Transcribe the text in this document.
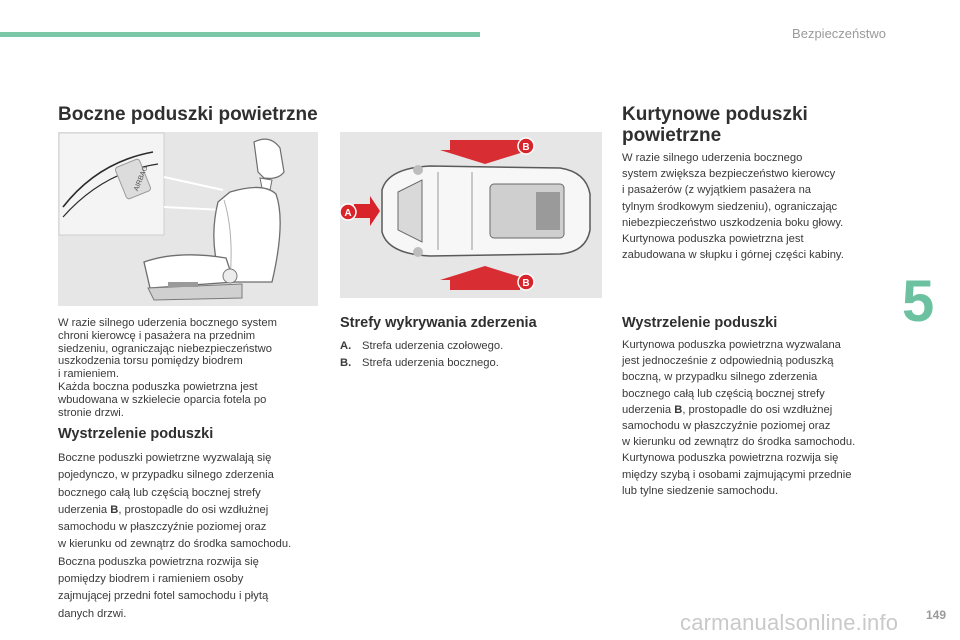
Bezpieczeństwo
5
Boczne poduszki powietrzne
AIRBAG

W razie silnego uderzenia bocznego system
chroni kierowcę i pasażera na przednim
siedzeniu, ograniczając niebezpieczeństwo
uszkodzenia torsu pomiędzy biodrem
i ramieniem.
Każda boczna poduszka powietrzna jest
wbudowana w szkielecie oparcia fotela po
stronie drzwi.

Wystrzelenie poduszki

Boczne poduszki powietrzne wyzwalają się
pojedynczo, w przypadku silnego zderzenia
bocznego całą lub częścią bocznej strefy
uderzenia B, prostopadle do osi wzdłużnej
samochodu w płaszczyźnie poziomej oraz
w kierunku od zewnątrz do środka samochodu.
Boczna poduszka powietrzna rozwija się
pomiędzy biodrem i ramieniem osoby
zajmującej przedni fotel samochodu i płytą
danych drzwi.

A
B
B
Strefy wykrywania zderzenia
A. Strefa uderzenia czołowego.
B. Strefa uderzenia bocznego.
Kurtynowe poduszki
powietrzne

W razie silnego uderzenia bocznego
system zwiększa bezpieczeństwo kierowcy
i pasażerów (z wyjątkiem pasażera na
tylnym środkowym siedzeniu), ograniczając
niebezpieczeństwo uszkodzenia boku głowy.
Kurtynowa poduszka powietrzna jest
zabudowana w słupku i górnej części kabiny.

Wystrzelenie poduszki

Kurtynowa poduszka powietrzna wyzwalana
jest jednocześnie z odpowiednią poduszką
boczną, w przypadku silnego zderzenia
bocznego całą lub częścią bocznej strefy
uderzenia B, prostopadle do osi wzdłużnej
samochodu w płaszczyźnie poziomej oraz
w kierunku od zewnątrz do środka samochodu.
Kurtynowa poduszka powietrzna rozwija się
między szybą i osobami zajmującymi przednie
lub tylne siedzenie samochodu.

carmanualsonline.info 149
